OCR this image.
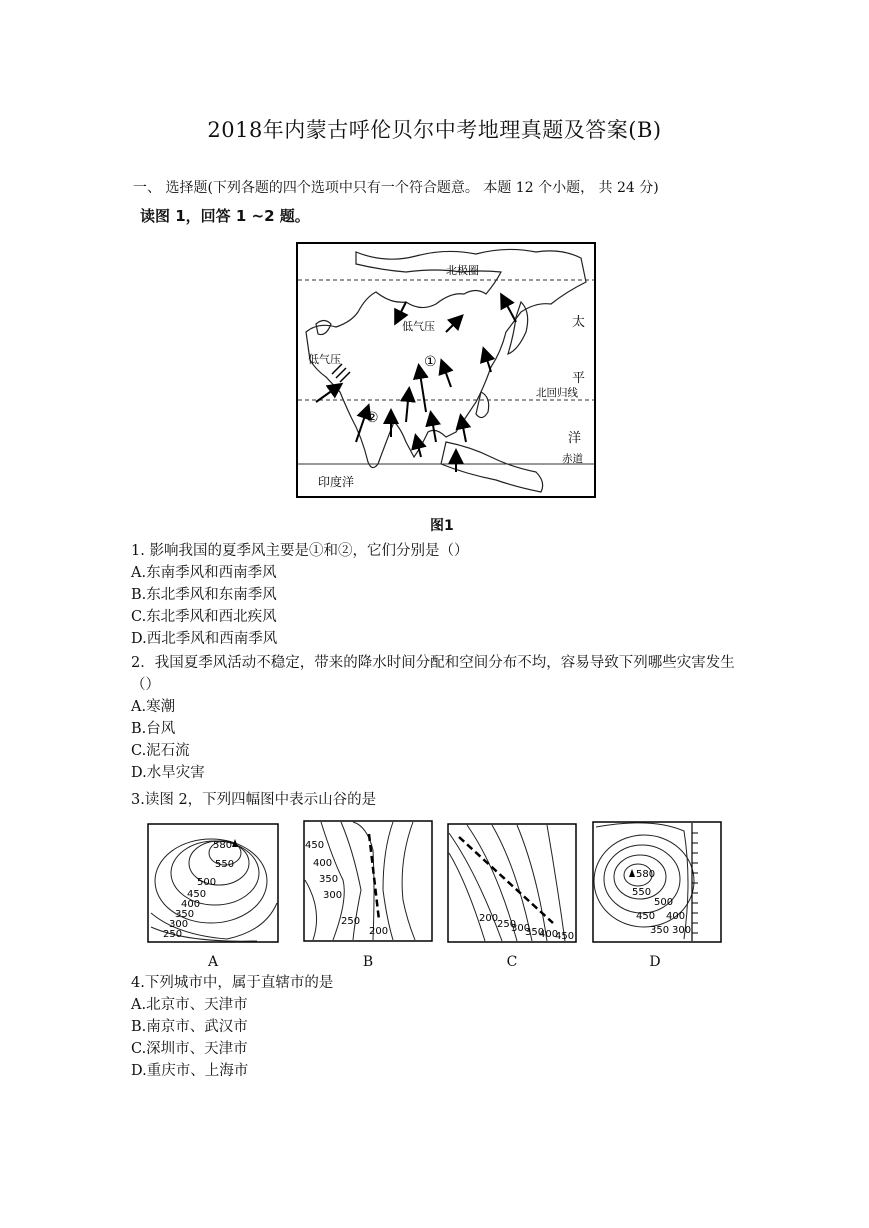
2018年内蒙古呼伦贝尔中考地理真题及答案(B)
一、 选择题(下列各题的四个选项中只有一个符合题意。 本题 12 个小题， 共 24 分)
读图 1，回答 1 ~2 题。
北极圈
低气压
低气压
太
平
洋
北回归线
赤道
印度洋
①
②
图1
1. 影响我国的夏季风主要是①和②，它们分别是（）
A.东南季风和西南季风
B.东北季风和东南季风
C.东北季风和西北疾风
D.西北季风和西南季风
2．我国夏季风活动不稳定，带来的降水时间分配和空间分布不均，容易导致下列哪些灾害发生（）
A.寒潮
B.台风
C.泥石流
D.水旱灾害
3.读图 2，下列四幅图中表示山谷的是
580
550
500
450
400
350
300
250
450
400
350
300
250
200
200
250
300
350
400
450
580
550
500
450 400
350 300
A	B	C	D
4.下列城市中，属于直辖市的是
A.北京市、天津市
B.南京市、武汉市
C.深圳市、天津市
D.重庆市、上海市
